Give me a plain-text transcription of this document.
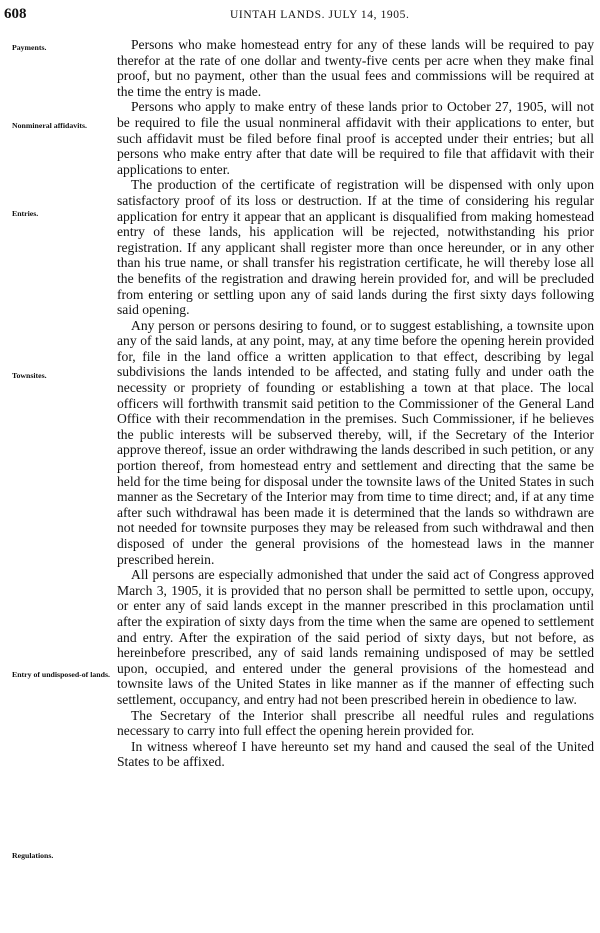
608	UINTAH LANDS. JULY 14, 1905.
Payments.
Nonmineral affidavits.
Entries.
Townsites.
Entry of undisposed-of lands.
Regulations.

Persons who make homestead entry for any of these lands will be required to pay therefor at the rate of one dollar and twenty-five cents per acre when they make final proof, but no payment, other than the usual fees and commissions will be required at the time the entry is made.

Persons who apply to make entry of these lands prior to October 27, 1905, will not be required to file the usual nonmineral affidavit with their applications to enter, but such affidavit must be filed before final proof is accepted under their entries; but all persons who make entry after that date will be required to file that affidavit with their applications to enter.

The production of the certificate of registration will be dispensed with only upon satisfactory proof of its loss or destruction. If at the time of considering his regular application for entry it appear that an applicant is disqualified from making homestead entry of these lands, his application will be rejected, notwithstanding his prior registration. If any applicant shall register more than once hereunder, or in any other than his true name, or shall transfer his registration certificate, he will thereby lose all the benefits of the registration and drawing herein provided for, and will be precluded from entering or settling upon any of said lands during the first sixty days following said opening.

Any person or persons desiring to found, or to suggest establishing, a townsite upon any of the said lands, at any point, may, at any time before the opening herein provided for, file in the land office a written application to that effect, describing by legal subdivisions the lands intended to be affected, and stating fully and under oath the necessity or propriety of founding or establishing a town at that place. The local officers will forthwith transmit said petition to the Commissioner of the General Land Office with their recommendation in the premises. Such Commissioner, if he believes the public interests will be subserved thereby, will, if the Secretary of the Interior approve thereof, issue an order withdrawing the lands described in such petition, or any portion thereof, from homestead entry and settlement and directing that the same be held for the time being for disposal under the townsite laws of the United States in such manner as the Secretary of the Interior may from time to time direct; and, if at any time after such withdrawal has been made it is determined that the lands so withdrawn are not needed for townsite purposes they may be released from such withdrawal and then disposed of under the general provisions of the homestead laws in the manner prescribed herein.

All persons are especially admonished that under the said act of Congress approved March 3, 1905, it is provided that no person shall be permitted to settle upon, occupy, or enter any of said lands except in the manner prescribed in this proclamation until after the expiration of sixty days from the time when the same are opened to settlement and entry. After the expiration of the said period of sixty days, but not before, as hereinbefore prescribed, any of said lands remaining undisposed of may be settled upon, occupied, and entered under the general provisions of the homestead and townsite laws of the United States in like manner as if the manner of effecting such settlement, occupancy, and entry had not been prescribed herein in obedience to law.

The Secretary of the Interior shall prescribe all needful rules and regulations necessary to carry into full effect the opening herein provided for.

In witness whereof I have hereunto set my hand and caused the seal of the United States to be affixed.
